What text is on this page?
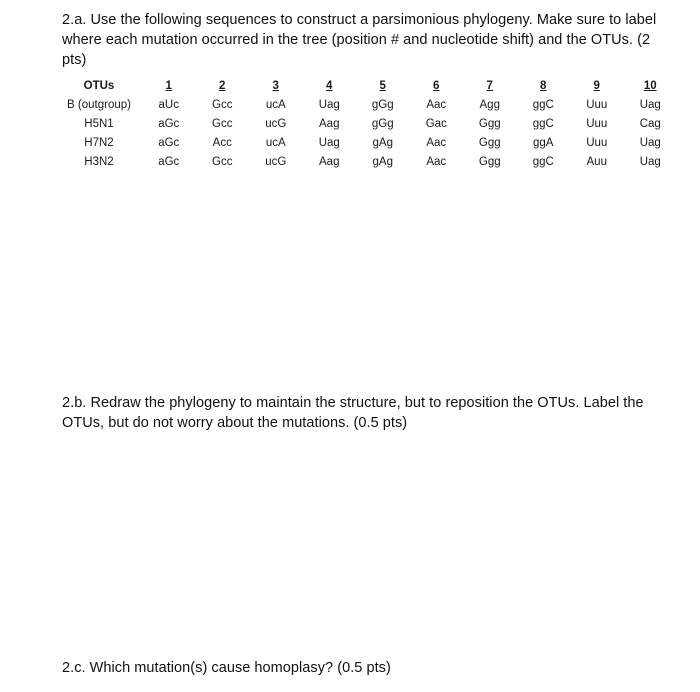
2.a. Use the following sequences to construct a parsimonious phylogeny. Make sure to label where each mutation occurred in the tree (position # and nucleotide shift) and the OTUs. (2 pts)
OTUs	1	2	3	4	5	6	7	8	9	10
B (outgroup)	aUc	Gcc	ucA	Uag	gGg	Aac	Agg	ggC	Uuu	Uag
H5N1	aGc	Gcc	ucG	Aag	gGg	Gac	Ggg	ggC	Uuu	Cag
H7N2	aGc	Acc	ucA	Uag	gAg	Aac	Ggg	ggA	Uuu	Uag
H3N2	aGc	Gcc	ucG	Aag	gAg	Aac	Ggg	ggC	Auu	Uag
2.b. Redraw the phylogeny to maintain the structure, but to reposition the OTUs. Label the OTUs, but do not worry about the mutations. (0.5 pts)
2.c. Which mutation(s) cause homoplasy? (0.5 pts)
